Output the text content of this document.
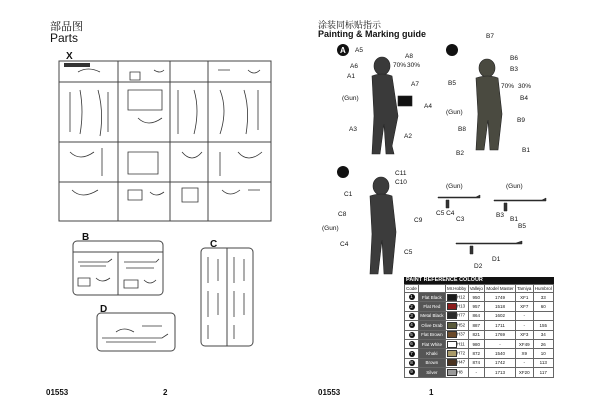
部品图
Parts
X
B
C
D
01553	2
涂装同标贴指示
Painting & Marking guide
01553	1
A A5
A8
A6
A1
A7
(Gun)
A4
A3
A2
B7
B6
B3
B5
B4
(Gun)
B9
B8
B2	B1
C11
C10
C1
C8
C9
(Gun)
C4
C5
(Gun)
C5 C4
C3
(Gun)
B3
B1
B5
D1
D2
70% 30%
70% 30%
PAINT REFERENCE COLOUR
Code		Mr.Hobby	Vallejo	Model Master	Tamiya	Humbrol
1	Flat Black	H12	950	1749	XF1	33
2	Flat Red	H13	957	1518	XF7	60
3	Metal Black	H77	864	1602	-	
4	Olive Drab	H52	887	1711	-	155
5	Flat Brown	H37	821	1769	XF3	34
6	Flat White	H11	980	-	XF49	26
7	Khaki	H72	872	1540	X9	10
8	Brown	H47	874	1742	-	113
9	Silver	H8	-	1713	XF20	117
